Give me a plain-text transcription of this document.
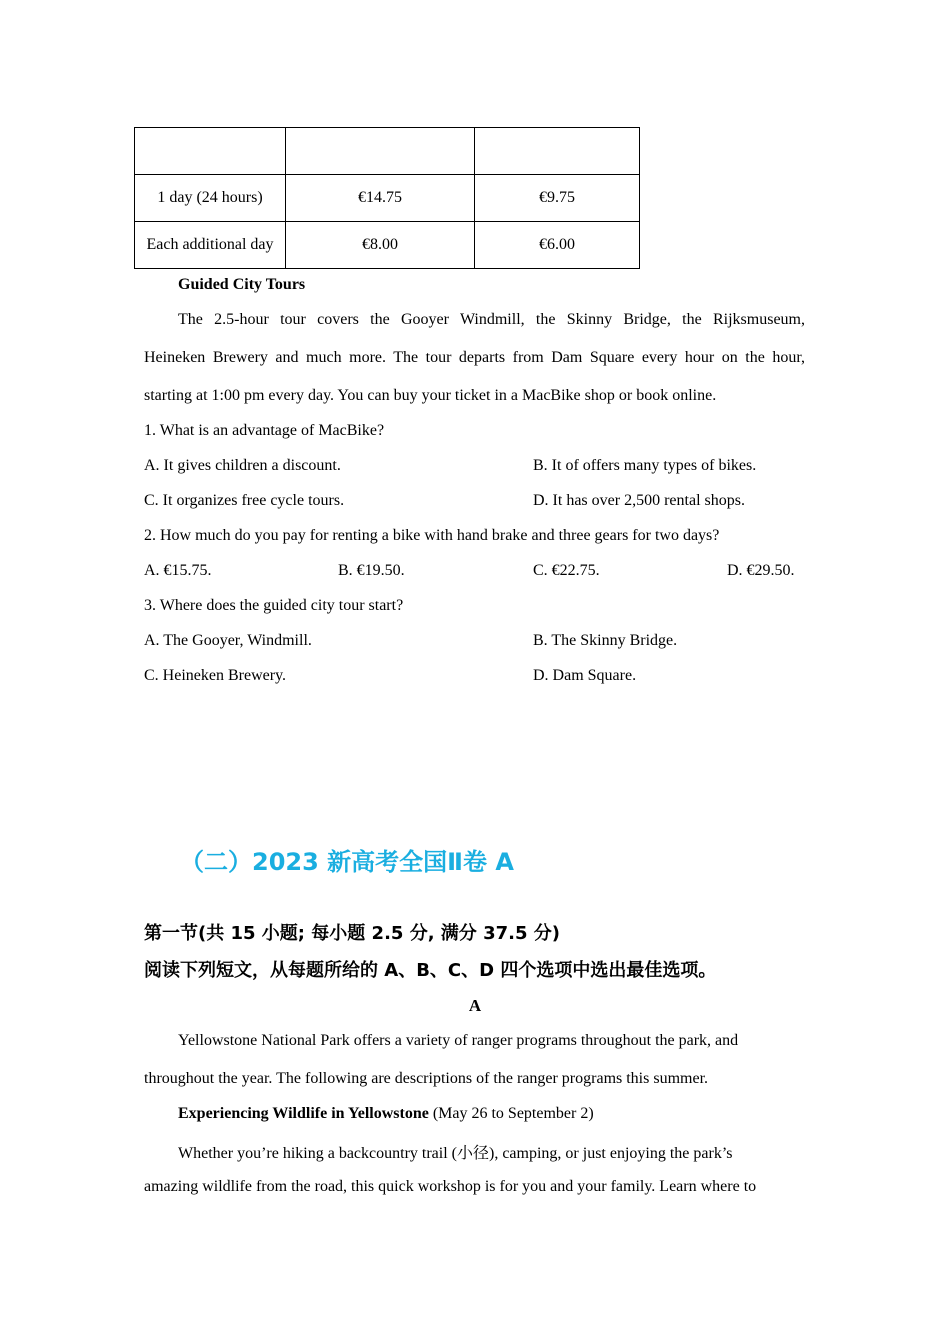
1 day (24 hours)	€14.75	€9.75
Each additional day	€8.00	€6.00
Guided City Tours
The 2.5-hour tour covers the Gooyer Windmill, the Skinny Bridge, the Rijksmuseum,
Heineken Brewery and much more. The tour departs from Dam Square every hour on the hour,
starting at 1:00 pm every day. You can buy your ticket in a MacBike shop or book online.
1. What is an advantage of MacBike?
A. It gives children a discount.	B. It of offers many types of bikes.
C. It organizes free cycle tours.	D. It has over 2,500 rental shops.
2. How much do you pay for renting a bike with hand brake and three gears for two days?
A. €15.75.	B. €19.50.	C. €22.75.	D. €29.50.
3. Where does the guided city tour start?
A. The Gooyer, Windmill.	B. The Skinny Bridge.
C. Heineken Brewery.	D. Dam Square.
（二）2023 新高考全国Ⅱ卷 A
第一节(共 15 小题; 每小题 2.5 分, 满分 37.5 分)
阅读下列短文，从每题所给的 A、B、C、D 四个选项中选出最佳选项。
A
Yellowstone National Park offers a variety of ranger programs throughout the park, and
throughout the year. The following are descriptions of the ranger programs this summer.
Experiencing Wildlife in Yellowstone (May 26 to September 2)
Whether you’re hiking a backcountry trail (小径), camping, or just enjoying the park’s
amazing wildlife from the road, this quick workshop is for you and your family. Learn where to
